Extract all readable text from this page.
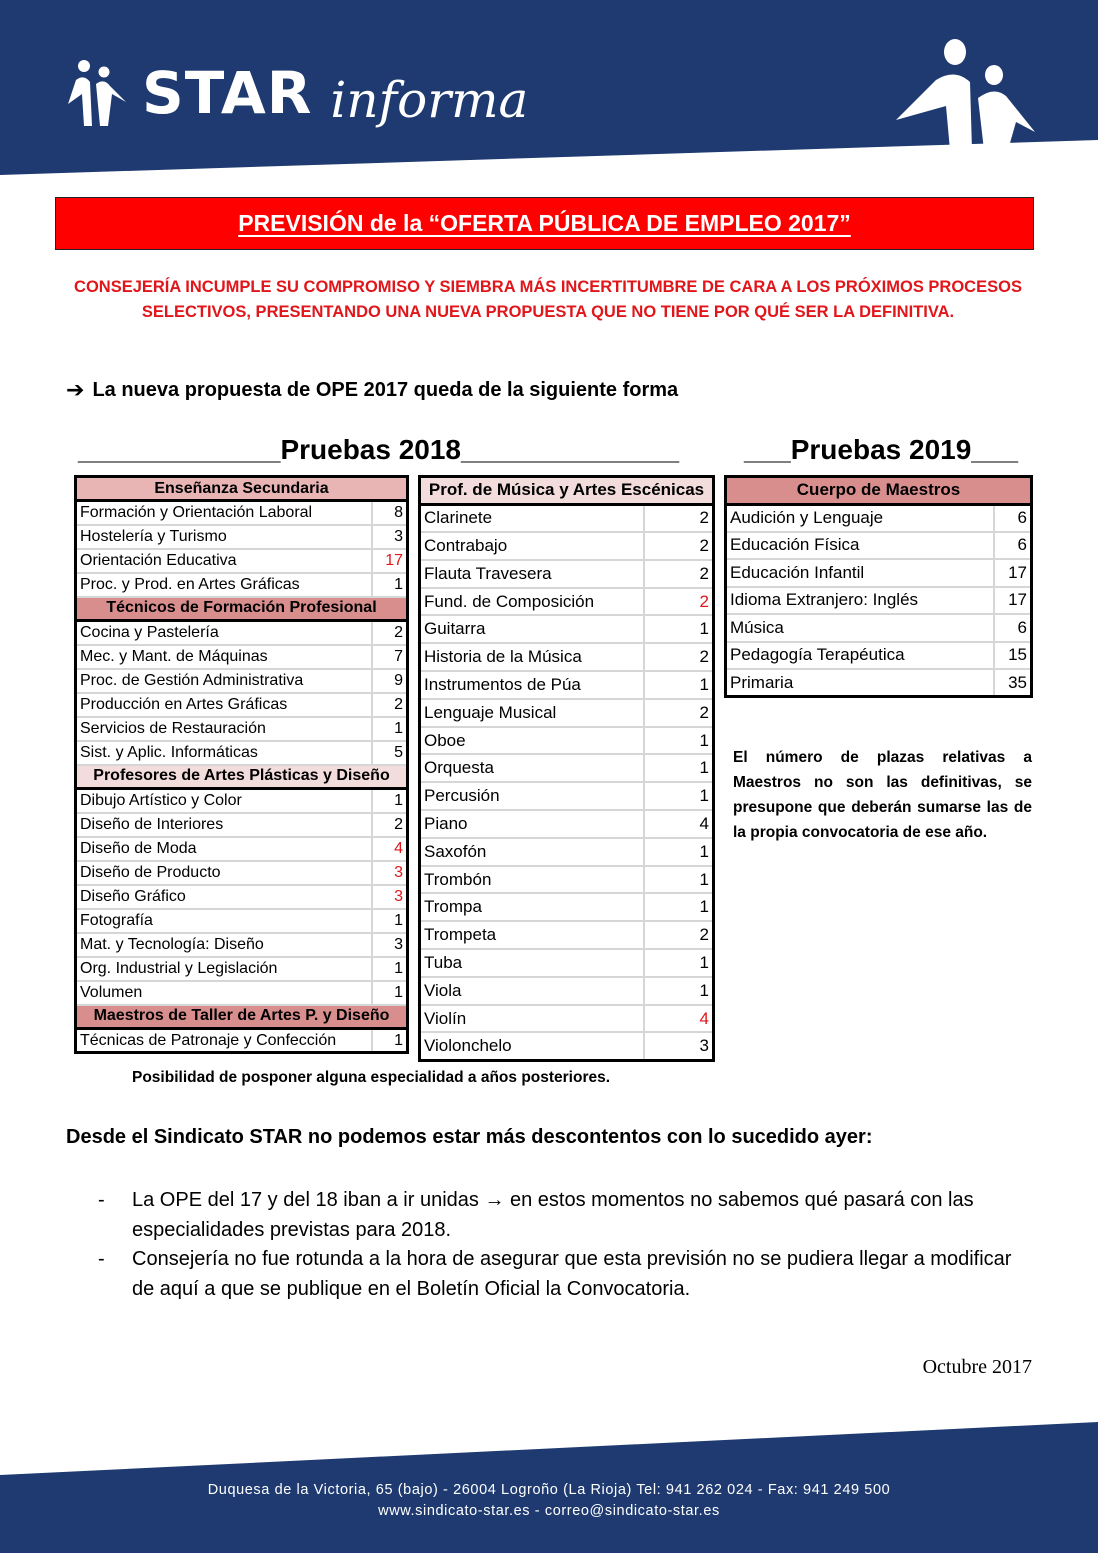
STAR informa
PREVISIÓN de la “OFERTA PÚBLICA DE EMPLEO 2017”
CONSEJERÍA INCUMPLE SU COMPROMISO Y SIEMBRA MÁS INCERTITUMBRE DE CARA A LOS PRÓXIMOS PROCESOS SELECTIVOS, PRESENTANDO UNA NUEVA PROPUESTA QUE NO TIENE POR QUÉ SER LA DEFINITIVA.
➔ La nueva propuesta de OPE 2017 queda de la siguiente forma
_____________Pruebas 2018______________ ___Pruebas 2019___
Enseñanza Secundaria	
Formación y Orientación Laboral	8
Hostelería y Turismo	3
Orientación Educativa	17
Proc. y Prod. en Artes Gráficas	1
Técnicos de Formación Profesional	
Cocina y Pastelería	2
Mec. y Mant. de Máquinas	7
Proc. de Gestión Administrativa	9
Producción en Artes Gráficas	2
Servicios de Restauración	1
Sist. y Aplic. Informáticas	5
Profesores de Artes Plásticas y Diseño	
Dibujo Artístico y Color	1
Diseño de Interiores	2
Diseño de Moda	4
Diseño de Producto	3
Diseño Gráfico	3
Fotografía	1
Mat. y Tecnología: Diseño	3
Org. Industrial y Legislación	1
Volumen	1
Maestros de Taller de Artes P. y Diseño	
Técnicas de Patronaje y Confección	1
Prof. de Música y Artes Escénicas	
Clarinete	2
Contrabajo	2
Flauta Travesera	2
Fund. de Composición	2
Guitarra	1
Historia de la Música	2
Instrumentos de Púa	1
Lenguaje Musical	2
Oboe	1
Orquesta	1
Percusión	1
Piano	4
Saxofón	1
Trombón	1
Trompa	1
Trompeta	2
Tuba	1
Viola	1
Violín	4
Violonchelo	3
Cuerpo de Maestros	
Audición y Lenguaje	6
Educación Física	6
Educación Infantil	17
Idioma Extranjero: Inglés	17
Música	6
Pedagogía Terapéutica	15
Primaria	35
El número de plazas relativas a Maestros no son las definitivas, se presupone que deberán sumarse las de la propia convocatoria de ese año.
Posibilidad de posponer alguna especialidad a años posteriores.
Desde el Sindicato STAR no podemos estar más descontentos con lo sucedido ayer:
-	La OPE del 17 y del 18 iban a ir unidas → en estos momentos no sabemos qué pasará con las especialidades previstas para 2018.
-	Consejería no fue rotunda a la hora de asegurar que esta previsión no se pudiera llegar a modificar de aquí a que se publique en el Boletín Oficial la Convocatoria.
Octubre 2017
Duquesa de la Victoria, 65 (bajo) - 26004 Logroño (La Rioja) Tel: 941 262 024 - Fax: 941 249 500
www.sindicato-star.es - correo@sindicato-star.es
